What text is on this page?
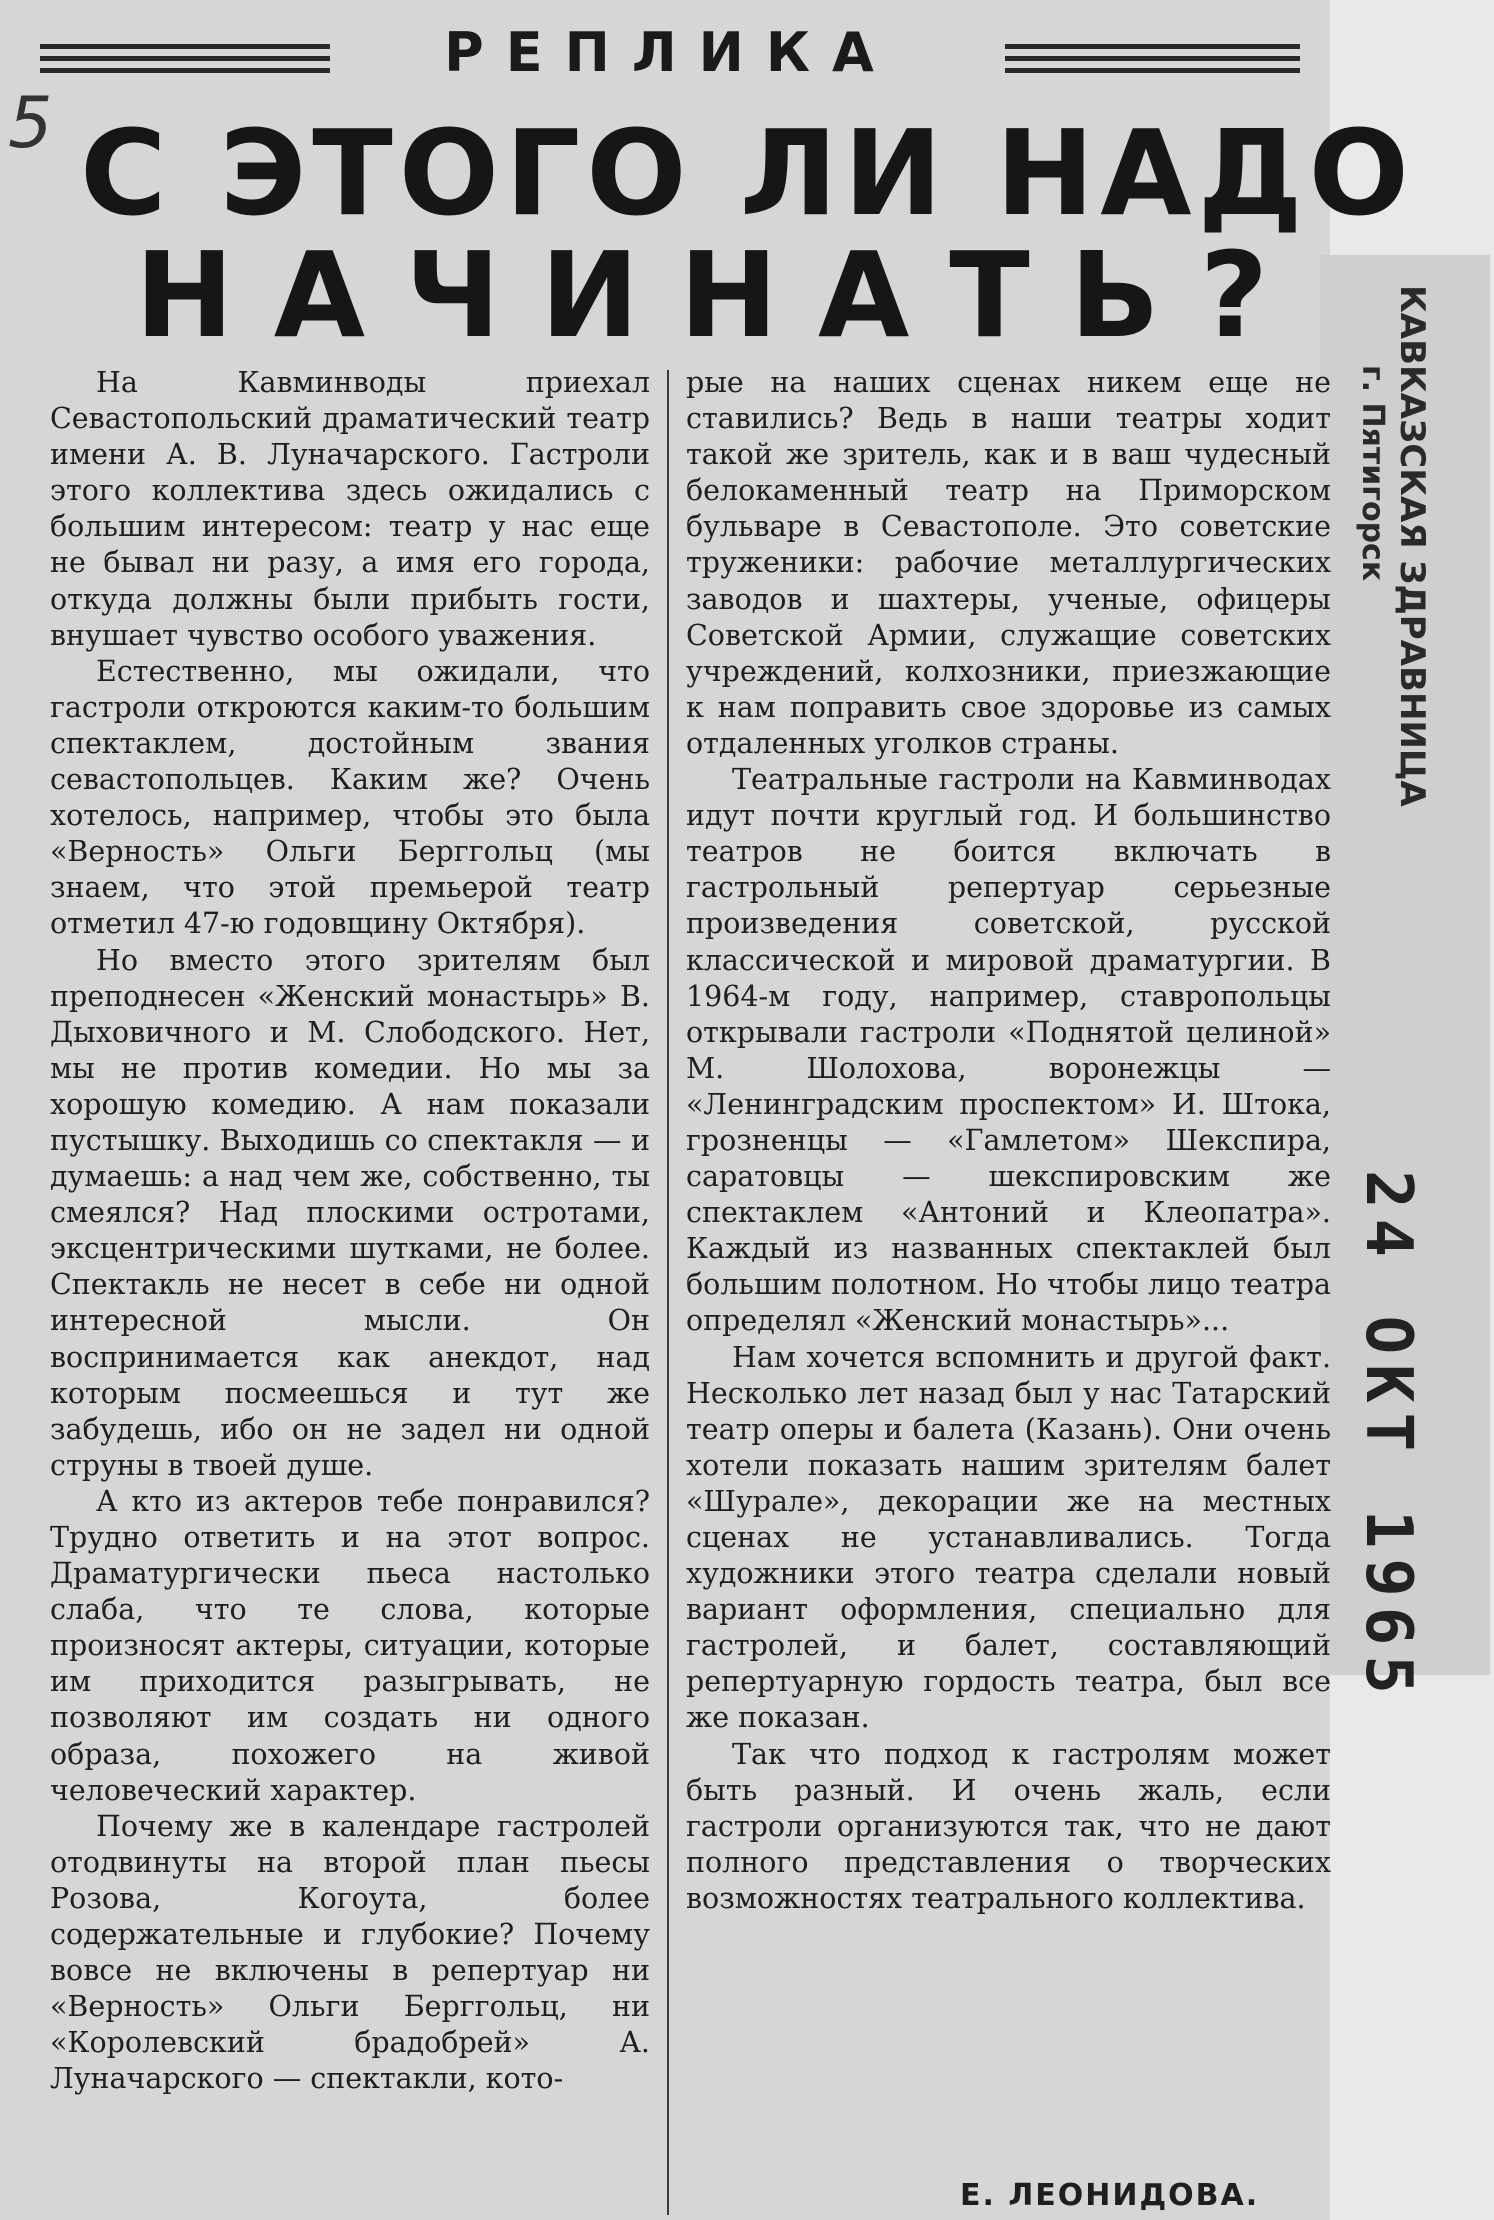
РЕПЛИКА
5 С ЭТОГО ЛИ НАДО
НАЧИНАТЬ?

На Кавминводы приехал Севастопольский драматический театр имени А. В. Луначарского. Гастроли этого коллектива здесь ожидались с большим интересом: театр у нас еще не бывал ни разу, а имя его города, откуда должны были прибыть гости, внушает чувство особого уважения.

Естественно, мы ожидали, что гастроли откроются каким-то большим спектаклем, достойным звания севастопольцев. Каким же? Очень хотелось, например, чтобы это была «Верность» Ольги Берггольц (мы знаем, что этой премьерой театр отметил 47-ю годовщину Октября).

Но вместо этого зрителям был преподнесен «Женский монастырь» В. Дыховичного и М. Слободского. Нет, мы не против комедии. Но мы за хорошую комедию. А нам показали пустышку. Выходишь со спектакля — и думаешь: а над чем же, собственно, ты смеялся? Над плоскими остротами, эксцентрическими шутками, не более. Спектакль не несет в себе ни одной интересной мысли. Он воспринимается как анекдот, над которым посмеешься и тут же забудешь, ибо он не задел ни одной струны в твоей душе.

А кто из актеров тебе понравился? Трудно ответить и на этот вопрос. Драматургически пьеса настолько слаба, что те слова, которые произносят актеры, ситуации, которые им приходится разыгрывать, не позволяют им создать ни одного образа, похожего на живой человеческий характер.

Почему же в календаре гастролей отодвинуты на второй план пьесы Розова, Когоута, более содержательные и глубокие? Почему вовсе не включены в репертуар ни «Верность» Ольги Берггольц, ни «Королевский брадобрей» А. Луначарского — спектакли, кото-

рые на наших сценах никем еще не ставились? Ведь в наши театры ходит такой же зритель, как и в ваш чудесный белокаменный театр на Приморском бульваре в Севастополе. Это советские труженики: рабочие металлургических заводов и шахтеры, ученые, офицеры Советской Армии, служащие советских учреждений, колхозники, приезжающие к нам поправить свое здоровье из самых отдаленных уголков страны.

Театральные гастроли на Кавминводах идут почти круглый год. И большинство театров не боится включать в гастрольный репертуар серьезные произведения советской, русской классической и мировой драматургии. В 1964-м году, например, ставропольцы открывали гастроли «Поднятой целиной» М. Шолохова, воронежцы — «Ленинградским проспектом» И. Штока, грозненцы — «Гамлетом» Шекспира, саратовцы — шекспировским же спектаклем «Антоний и Клеопатра». Каждый из названных спектаклей был большим полотном. Но чтобы лицо театра определял «Женский монастырь»...

Нам хочется вспомнить и другой факт. Несколько лет назад был у нас Татарский театр оперы и балета (Казань). Они очень хотели показать нашим зрителям балет «Шурале», декорации же на местных сценах не устанавливались. Тогда художники этого театра сделали новый вариант оформления, специально для гастролей, и балет, составляющий репертуарную гордость театра, был все же показан.

Так что подход к гастролям может быть разный. И очень жаль, если гастроли организуются так, что не дают полного представления о творческих возможностях театрального коллектива.

Е. ЛЕОНИДОВА.
КАВКАЗСКАЯ ЗДРАВНИЦА
г. Пятигорск
24 ОКТ 1965
